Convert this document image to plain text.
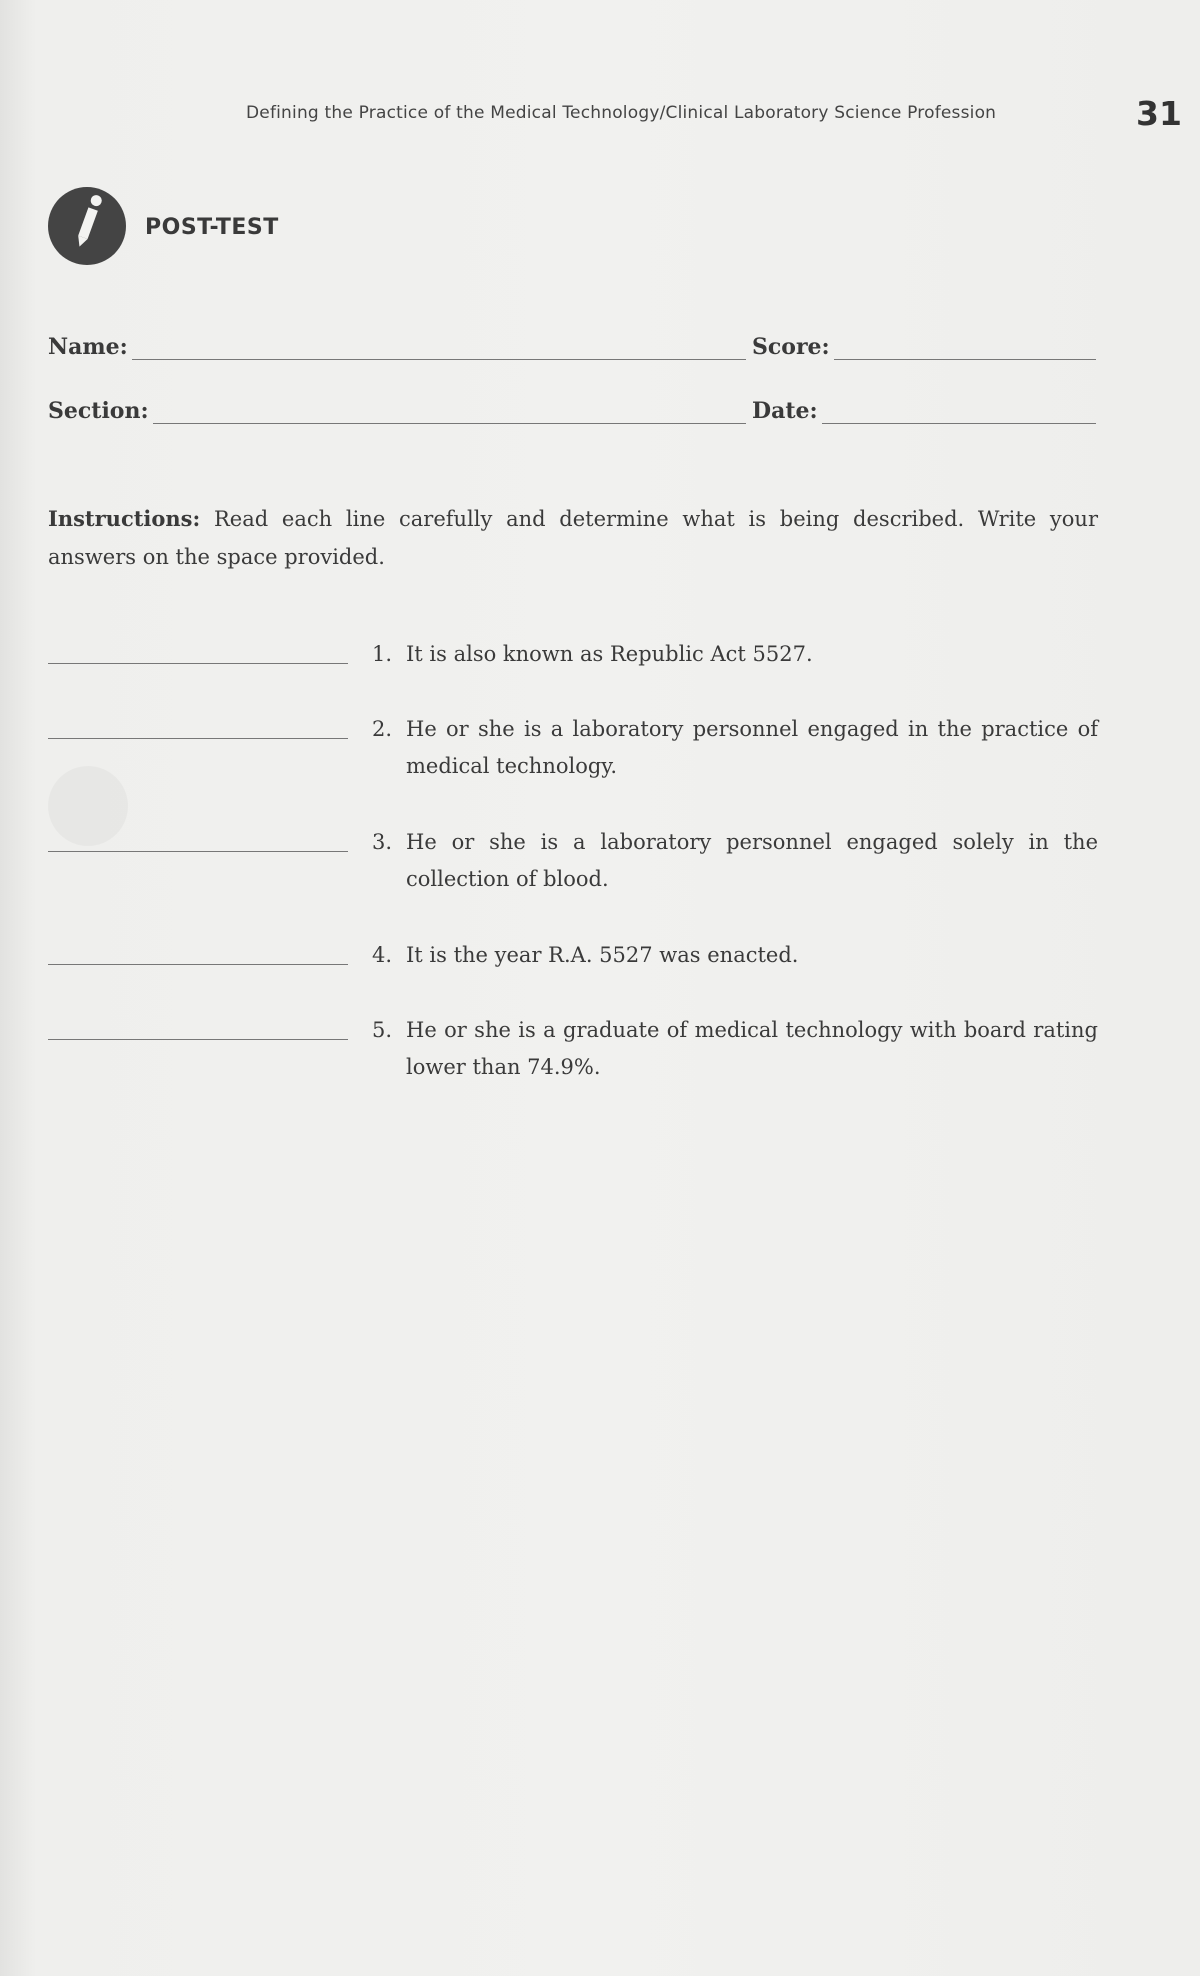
Defining the Practice of the Medical Technology/Clinical Laboratory Science Profession	31
POST-TEST
Name:	Score:
Section:	Date:
Instructions: Read each line carefully and determine what is being described. Write your answers on the space provided.
1. It is also known as Republic Act 5527.
2. He or she is a laboratory personnel engaged in the practice of medical technology.
3. He or she is a laboratory personnel engaged solely in the collection of blood.
4. It is the year R.A. 5527 was enacted.
5. He or she is a graduate of medical technology with board rating lower than 74.9%.
